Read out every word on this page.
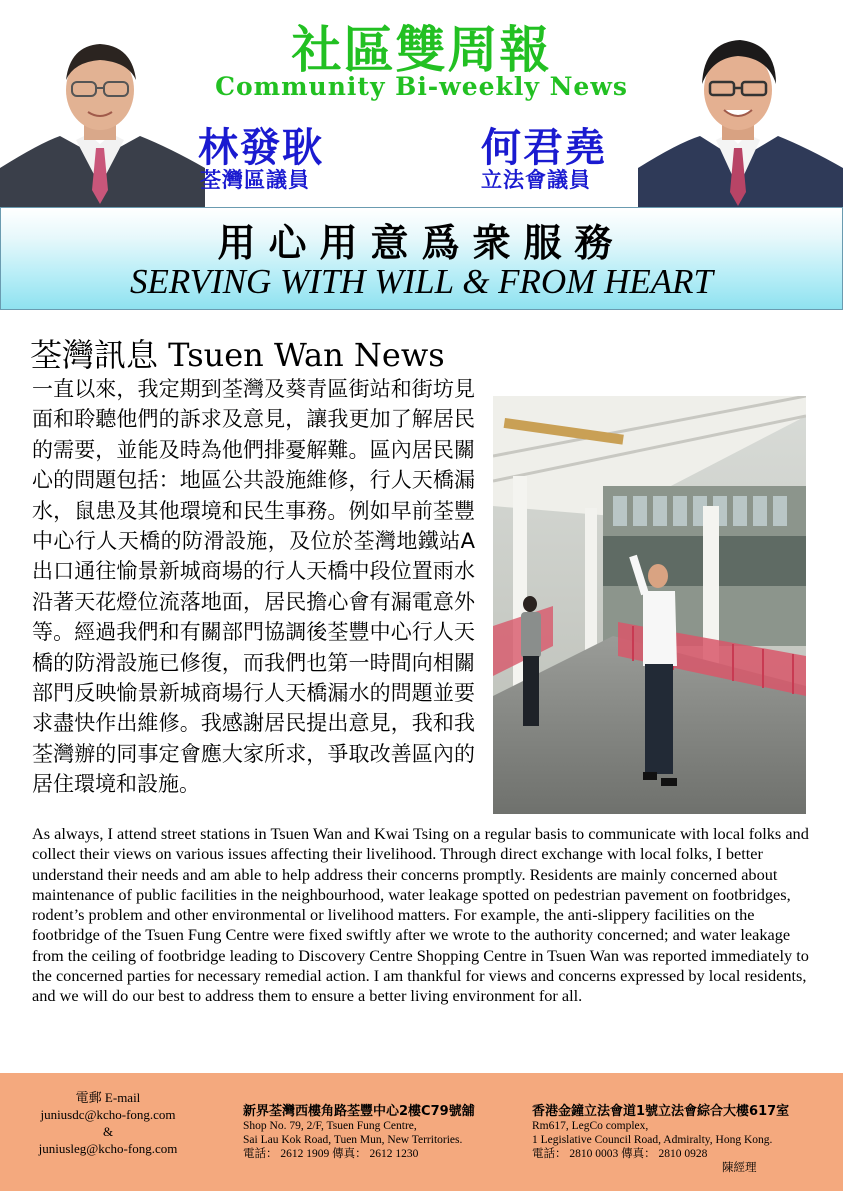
社區雙周報
Community Bi-weekly News
林發耿
荃灣區議員
何君堯
立法會議員
用心用意爲衆服務
SERVING WITH WILL & FROM HEART
荃灣訊息 Tsuen Wan News

一直以來，我定期到荃灣及葵青區街站和街坊見面和聆聽他們的訴求及意見，讓我更加了解居民的需要，並能及時為他們排憂解難。區內居民關心的問題包括：地區公共設施維修，行人天橋漏水，鼠患及其他環境和民生事務。例如早前荃豐中心行人天橋的防滑設施，及位於荃灣地鐵站A出口通往愉景新城商場的行人天橋中段位置雨水沿著天花燈位流落地面，居民擔心會有漏電意外等。經過我們和有關部門協調後荃豐中心行人天橋的防滑設施已修復，而我們也第一時間向相關部門反映愉景新城商場行人天橋漏水的問題並要求盡快作出維修。我感謝居民提出意見，我和我荃灣辦的同事定會應大家所求，爭取改善區內的居住環境和設施。

As always, I attend street stations in Tsuen Wan and Kwai Tsing on a regular basis to communicate with local folks and collect their views on various issues affecting their livelihood. Through direct exchange with local folks, I better understand their needs and am able to help address their concerns promptly. Residents are mainly concerned about maintenance of public facilities in the neighbourhood, water leakage spotted on pedestrian pavement on footbridges, rodent’s problem and other environmental or livelihood matters. For example, the anti-slippery facilities on the footbridge of the Tsuen Fung Centre were fixed swiftly after we wrote to the authority concerned; and water leakage from the ceiling of footbridge leading to Discovery Centre Shopping Centre in Tsuen Wan was reported immediately to the concerned parties for necessary remedial action. I am thankful for views and concerns expressed by local residents, and we will do our best to address them to ensure a better living environment for all.

電郵 E-mail
juniusdc@kcho-fong.com
&
juniusleg@kcho-fong.com
新界荃灣西樓角路荃豐中心2樓C79號舖
Shop No. 79, 2/F, Tsuen Fung Centre,
Sai Lau Kok Road, Tuen Mun, New Territories.
電話： 2612 1909 傳真： 2612 1230
香港金鐘立法會道1號立法會綜合大樓617室
Rm617, LegCo complex,
1 Legislative Council Road, Admiralty, Hong Kong.
電話： 2810 0003 傳真： 2810 0928
陳經理
